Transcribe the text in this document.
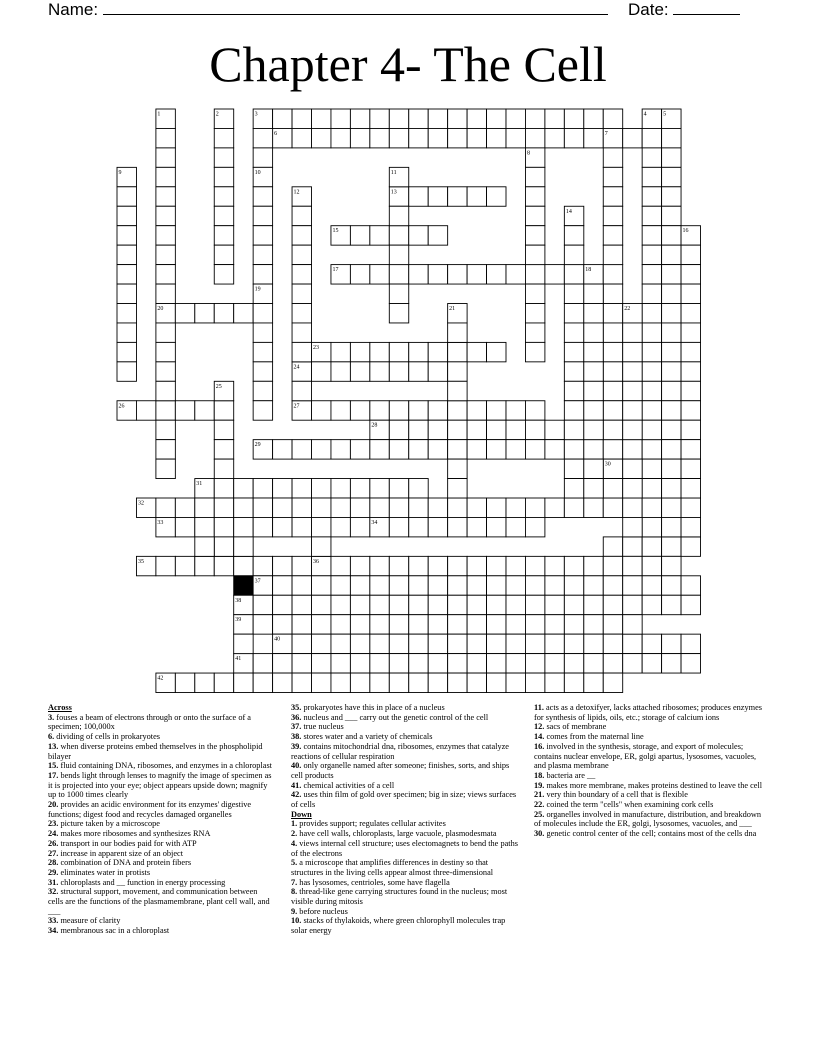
Name:	Date:
Chapter 4- The Cell
1	2	3	4	5
6	7
8
9	10	11
12	13
14
15	16
17	18
19
20	21	22
23
24
25
26	27
28
29
30
31
32
33	34
35	36
37
38
39
40
41
42
Across
3. fouses a beam of electrons through or onto the surface of a specimen; 100,000x
6. dividing of cells in prokaryotes
13. when diverse proteins embed themselves in the phospholipid bilayer
15. fluid containing DNA, ribosomes, and enzymes in a chloroplast
17. bends light through lenses to magnify the image of specimen as it is projected into your eye; object appears upside down; magnify up to 1000 times clearly
20. provides an acidic environment for its enzymes' digestive functions; digest food and recycles damaged organelles
23. picture taken by a microscope
24. makes more ribosomes and synthesizes RNA
26. transport in our bodies paid for with ATP
27. increase in apparent size of an object
28. combination of DNA and protein fibers
29. eliminates water in protists
31. chloroplasts and __ function in energy processing
32. structural support, movement, and communication between cells are the functions of the plasmamembrane, plant cell wall, and ___
33. measure of clarity
34. membranous sac in a chloroplast
35. prokaryotes have this in place of a nucleus
36. nucleus and ___ carry out the genetic control of the cell
37. true nucleus
38. stores water and a variety of chemicals
39. contains mitochondrial dna, ribosomes, enzymes that catalyze reactions of cellular respiration
40. only organelle named after someone; finishes, sorts, and ships cell products
41. chemical activities of a cell
42. uses thin film of gold over specimen; big in size; views surfaces of cells
Down
1. provides support; regulates cellular activites
2. have cell walls, chloroplasts, large vacuole, plasmodesmata
4. views internal cell structure; uses electomagnets to bend the paths of the electrons
5. a microscope that amplifies differences in destiny so that structures in the living cells appear almost three-dimensional
7. has lysosomes, centrioles, some have flagella
8. thread-like gene carrying structures found in the nucleus; most visible during mitosis
9. before nucleus
10. stacks of thylakoids, where green chlorophyll molecules trap solar energy
11. acts as a detoxifyer, lacks attached ribosomes; produces enzymes for synthesis of lipids, oils, etc.; storage of calcium ions
12. sacs of membrane
14. comes from the maternal line
16. involved in the synthesis, storage, and export of molecules; contains nuclear envelope, ER, golgi apartus, lysosomes, vacuoles, and plasma membrane
18. bacteria are __
19. makes more membrane, makes proteins destined to leave the cell
21. very thin boundary of a cell that is flexible
22. coined the term "cells" when examining cork cells
25. organelles involved in manufacture, distribution, and breakdown of molecules include the ER, golgi, lysosomes, vacuoles, and ___
30. genetic control center of the cell; contains most of the cells dna
